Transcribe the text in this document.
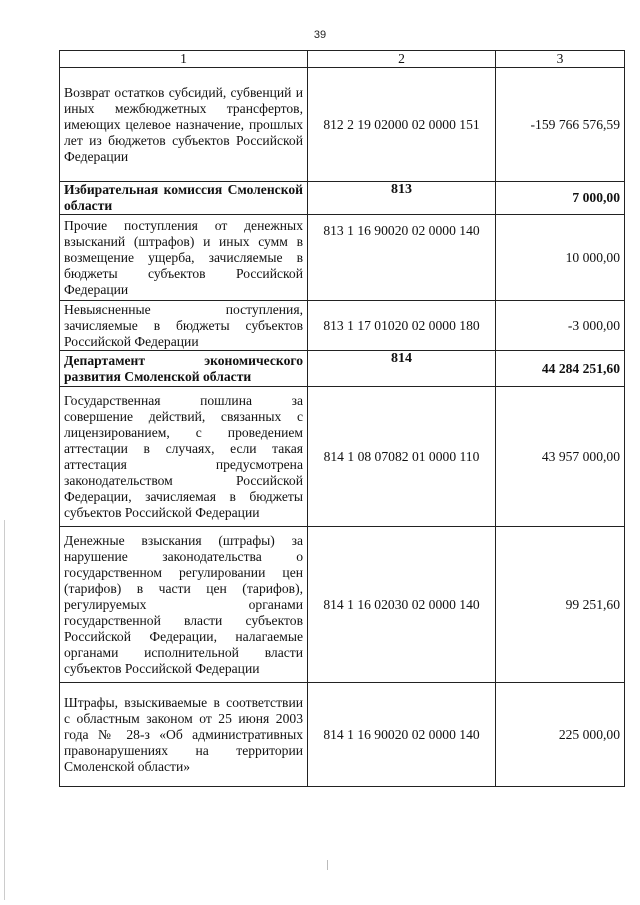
39
1	2	3
Возврат остатков субсидий, субвенций и иных межбюджетных трансфертов, имеющих целевое назначение, прошлых лет из бюджетов субъектов Российской Федерации	812 2 19 02000 02 0000 151	-159 766 576,59
Избирательная комиссия Смоленской области	813	7 000,00
Прочие поступления от денежных взысканий (штрафов) и иных сумм в возмещение ущерба, зачисляемые в бюджеты субъектов Российской Федерации	813 1 16 90020 02 0000 140	10 000,00
Невыясненные поступления, зачисляемые в бюджеты субъектов Российской Федерации	813 1 17 01020 02 0000 180	-3 000,00
Департамент экономического развития Смоленской области	814	44 284 251,60
Государственная пошлина за совершение действий, связанных с лицензированием, с проведением аттестации в случаях, если такая аттестация предусмотрена законодательством Российской Федерации, зачисляемая в бюджеты субъектов Российской Федерации	814 1 08 07082 01 0000 110	43 957 000,00
Денежные взыскания (штрафы) за нарушение законодательства о государственном регулировании цен (тарифов) в части цен (тарифов), регулируемых органами государственной власти субъектов Российской Федерации, налагаемые органами исполнительной власти субъектов Российской Федерации	814 1 16 02030 02 0000 140	99 251,60
Штрафы, взыскиваемые в соответствии с областным законом от 25 июня 2003 года № 28-з «Об административных правонарушениях на территории Смоленской области»	814 1 16 90020 02 0000 140	225 000,00
